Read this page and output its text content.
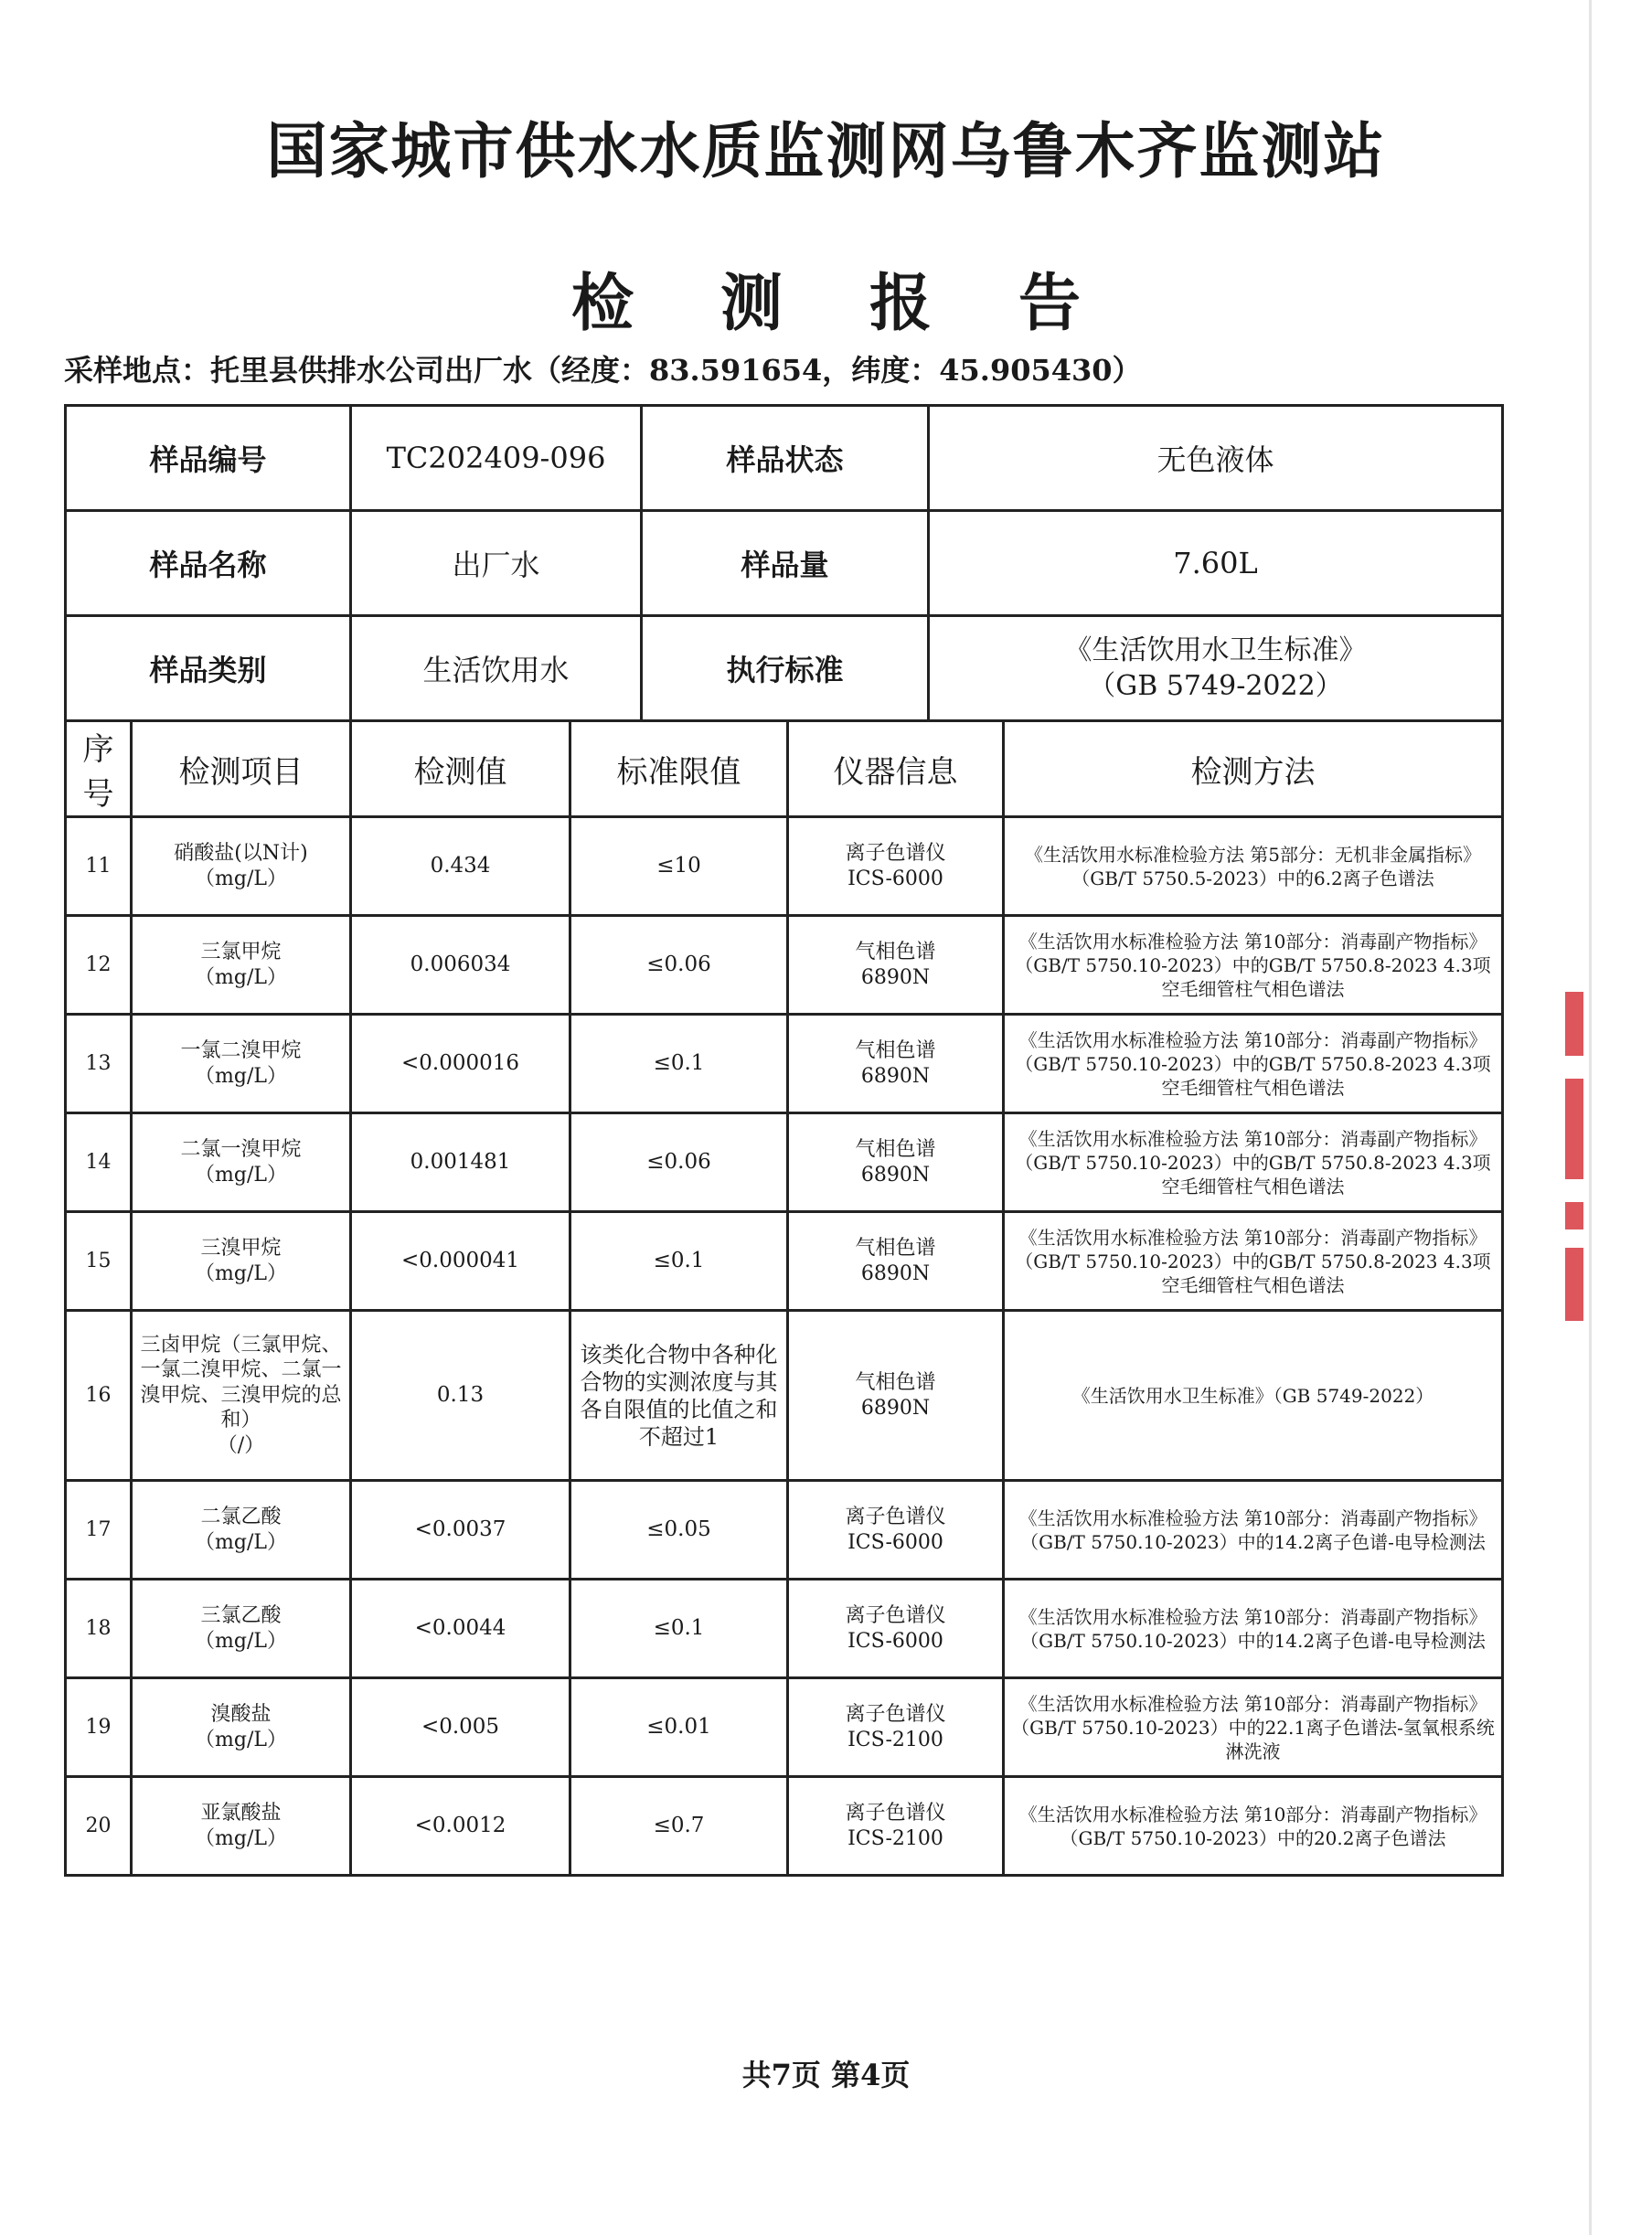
国家城市供水水质监测网乌鲁木齐监测站
检测报告
采样地点：托里县供排水公司出厂水（经度：83.591654，纬度：45.905430）
样品编号	TC202409-096	样品状态	无色液体
样品名称	出厂水	样品量	7.60L
样品类别	生活饮用水	执行标准	《生活饮用水卫生标准》
（GB 5749-2022）
序号	检测项目	检测值	标准限值	仪器信息	检测方法
11	硝酸盐(以N计)
（mg/L）	0.434	≤10	离子色谱仪
ICS-6000	《生活饮用水标准检验方法 第5部分：无机非金属指标》（GB/T 5750.5-2023）中的6.2离子色谱法
12	三氯甲烷
（mg/L）	0.006034	≤0.06	气相色谱
6890N	《生活饮用水标准检验方法 第10部分：消毒副产物指标》（GB/T 5750.10-2023）中的GB/T 5750.8-2023 4.3项空毛细管柱气相色谱法
13	一氯二溴甲烷
（mg/L）	<0.000016	≤0.1	气相色谱
6890N	《生活饮用水标准检验方法 第10部分：消毒副产物指标》（GB/T 5750.10-2023）中的GB/T 5750.8-2023 4.3项空毛细管柱气相色谱法
14	二氯一溴甲烷
（mg/L）	0.001481	≤0.06	气相色谱
6890N	《生活饮用水标准检验方法 第10部分：消毒副产物指标》（GB/T 5750.10-2023）中的GB/T 5750.8-2023 4.3项空毛细管柱气相色谱法
15	三溴甲烷
（mg/L）	<0.000041	≤0.1	气相色谱
6890N	《生活饮用水标准检验方法 第10部分：消毒副产物指标》（GB/T 5750.10-2023）中的GB/T 5750.8-2023 4.3项空毛细管柱气相色谱法
16	三卤甲烷（三氯甲烷、一氯二溴甲烷、二氯一溴甲烷、三溴甲烷的总和）
（/）	0.13	该类化合物中各种化合物的实测浓度与其各自限值的比值之和不超过1	气相色谱
6890N	《生活饮用水卫生标准》（GB 5749-2022）
17	二氯乙酸
（mg/L）	<0.0037	≤0.05	离子色谱仪
ICS-6000	《生活饮用水标准检验方法 第10部分：消毒副产物指标》（GB/T 5750.10-2023）中的14.2离子色谱-电导检测法
18	三氯乙酸
（mg/L）	<0.0044	≤0.1	离子色谱仪
ICS-6000	《生活饮用水标准检验方法 第10部分：消毒副产物指标》（GB/T 5750.10-2023）中的14.2离子色谱-电导检测法
19	溴酸盐
（mg/L）	<0.005	≤0.01	离子色谱仪
ICS-2100	《生活饮用水标准检验方法 第10部分：消毒副产物指标》（GB/T 5750.10-2023）中的22.1离子色谱法-氢氧根系统淋洗液
20	亚氯酸盐
（mg/L）	<0.0012	≤0.7	离子色谱仪
ICS-2100	《生活饮用水标准检验方法 第10部分：消毒副产物指标》（GB/T 5750.10-2023）中的20.2离子色谱法
共7页 第4页
